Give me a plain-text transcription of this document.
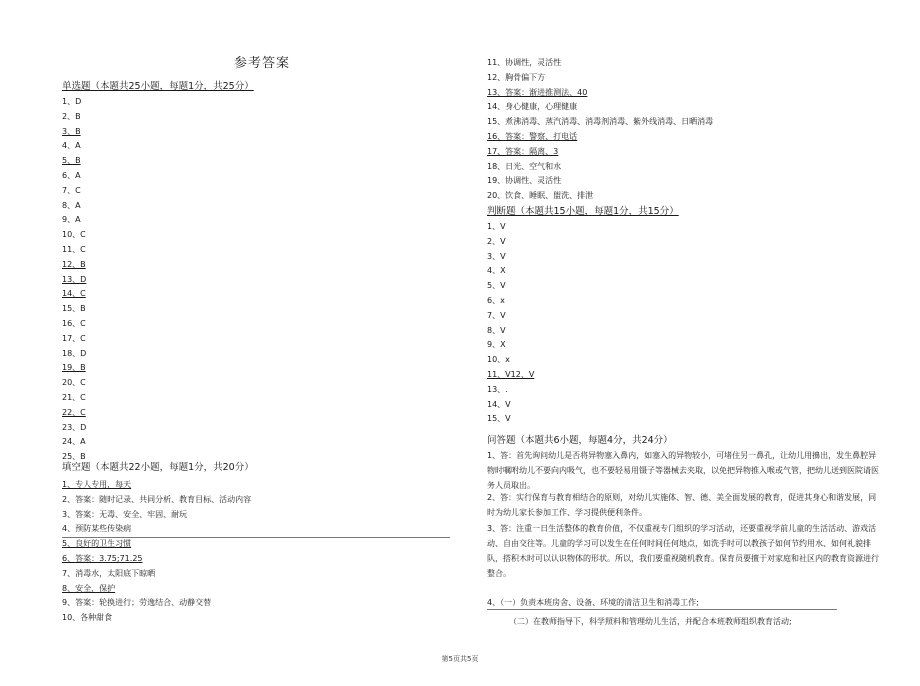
参考答案
单选题（本题共25小题，每题1分，共25分）
1、D
2、B
3、B
4、A
5、B
6、A
7、C
8、A
9、A
10、C
11、C
12、B
13、D
14、C
15、B
16、C
17、C
18、D
19、B
20、C
21、C
22、C
23、D
24、A
25、B
填空题（本题共22小题，每题1分，共20分）
1、专人专用，每天
2、答案：随时记录、共同分析、教育目标、活动内容
3、答案：无毒、安全、牢固、耐玩
4、预防某些传染病
5、良好的卫生习惯
6、答案：3.75;71.25
7、消毒水，太阳底下晾晒
8、安全，保护
9、答案：轮换进行；劳逸结合、动静交替
10、各种甜食
11、协调性，灵活性
12、胸骨偏下方
13、答案：渐进推测法、40
14、身心健康，心理健康
15、煮沸消毒、蒸汽消毒、消毒剂消毒、紫外线消毒、日晒消毒
16、答案：警察、打电话
17、答案：隔离、3
18、日光、空气和水
19、协调性、灵活性
20、饮食、睡眠、盥洗、排泄
判断题（本题共15小题，每题1分，共15分）
1、V
2、V
3、V
4、X
5、V
6、x
7、V
8、V
9、X
10、x
11、V12、V
13、.
14、V
15、V
问答题（本题共6小题，每题4分，共24分）
1、答：首先询问幼儿是否将异物塞入鼻内，如塞入的异物较小，可堵住另一鼻孔，让幼儿用擤出，发生鼻腔异物时嘱咐幼儿不要向内吸气，也不要轻易用镊子等器械去夹取，以免把异物推入喉或气管，把幼儿送到医院请医务人员取出。
2、答：实行保育与教育相结合的原则，对幼儿实施体、智、德、美全面发展的教育，促进其身心和谐发展，同时为幼儿家长参加工作、学习提供便利条件。
3、答：注重一日生活整体的教育价值，不仅重视专门组织的学习活动，还要重视学前儿童的生活活动、游戏活动、自由交往等。儿童的学习可以发生在任何时间任何地点，如洗手时可以教孩子如何节约用水、如何礼貌排队，搭积木时可以认识物体的形状。所以，我们要重视随机教育。保育员要擅于对家庭和社区内的教育资源进行整合。
4、（一）负责本班房舍、设备、环境的清洁卫生和消毒工作;
（二）在教师指导下，科学照料和管理幼儿生活，并配合本班教师组织教育活动;
第5页共5页
